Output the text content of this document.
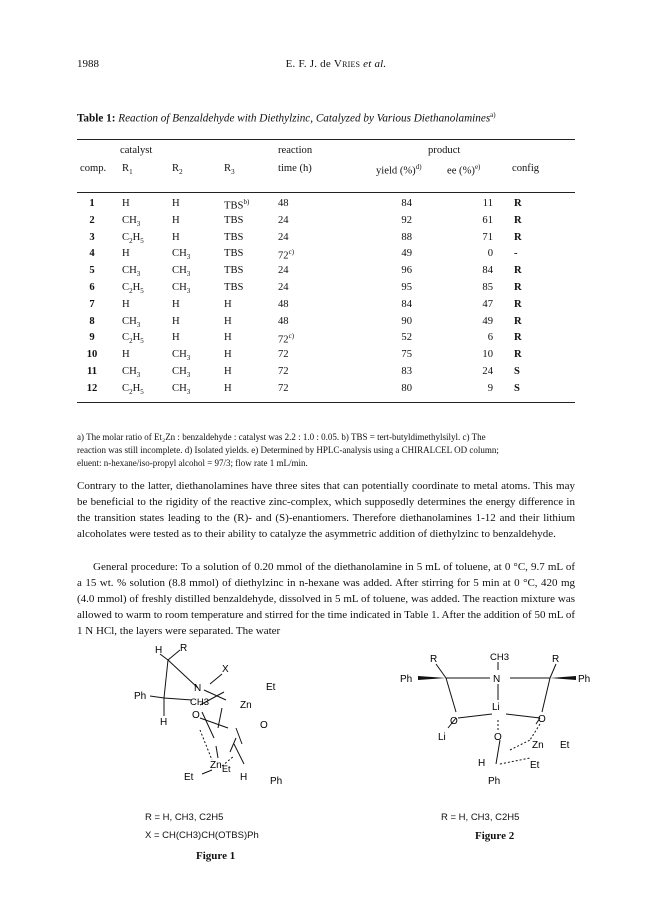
1988	E. F. J. de Vries et al.
Table 1: Reaction of Benzaldehyde with Diethylzinc, Catalyzed by Various Diethanolamines$^{a)}$
catalyst	reaction	product
comp. $R_1$	$R_2$	$R_3$	time (h)	yield (%)$^{d)}$ ee (%)$^{e)}$	config
1	H	H	TBS$^{b)}$	48	84	11 R
2	$CH_3$	H	TBS	24	92	61 R
3	$C_2H_5$	H	TBS	24	88	71 R
4	H	$CH_3$	TBS	72$^{c)}$	49	0 -
5	$CH_3$	$CH_3$	TBS	24	96	84 R
6	$C_2H_5$	$CH_3$	TBS	24	95	85 R
7	H	H	H	48	84	47 R
8	$CH_3$	H	H	48	90	49 R
9	$C_2H_5$	H	H	72$^{c)}$	52	6 R
10	H	$CH_3$	H	72	75	10 R
11	$CH_3$	$CH_3$	H	72	83	24 S
12	$C_2H_5$	$CH_3$	H	72	80	9 S
a) The molar ratio of Et₂Zn : benzaldehyde : catalyst was 2.2 : 1.0 : 0.05. b) TBS = tert-butyldimethylsilyl. c) The
reaction was still incomplete. d) Isolated yields. e) Determined by HPLC-analysis using a CHIRALCEL OD column;
eluent: n-hexane/iso-propyl alcohol = 97/3; flow rate 1 mL/min.
Contrary to the latter, diethanolamines have three sites that can potentially coordinate to metal atoms. This may be beneficial to the rigidity of the reactive zinc-complex, which supposedly determines the energy difference in the transition states leading to the (R)- and (S)-enantiomers. Therefore diethanolamines 1-12 and their lithium alcoholates were tested as to their ability to catalyze the asymmetric addition of diethylzinc to benzaldehyde.
General procedure: To a solution of 0.20 mmol of the diethanolamine in 5 mL of toluene, at 0 °C, 9.7 mL of a 15 wt. % solution (8.8 mmol) of diethylzinc in n-hexane was added. After stirring for 5 min at 0 °C, 420 mg (4.0 mmol) of freshly distilled benzaldehyde, dissolved in 5 mL of toluene, was added. The reaction mixture was allowed to warm to room temperature and stirred for the time indicated in Table 1. After the addition of 50 mL of 1 N HCl, the layers were separated. The water
H R
X
N	Et
Ph
CH3	Zn
O
O
H
Zn Et
Et	H Ph
R = H, CH3, C2H5
X = CH(CH3)CH(OTBS)Ph
Figure 1
R	R
CH3
N
Ph	Ph
Li
O	O
Li	O
Zn Et
H	Et
Ph
R = H, CH3, C2H5
Figure 2
